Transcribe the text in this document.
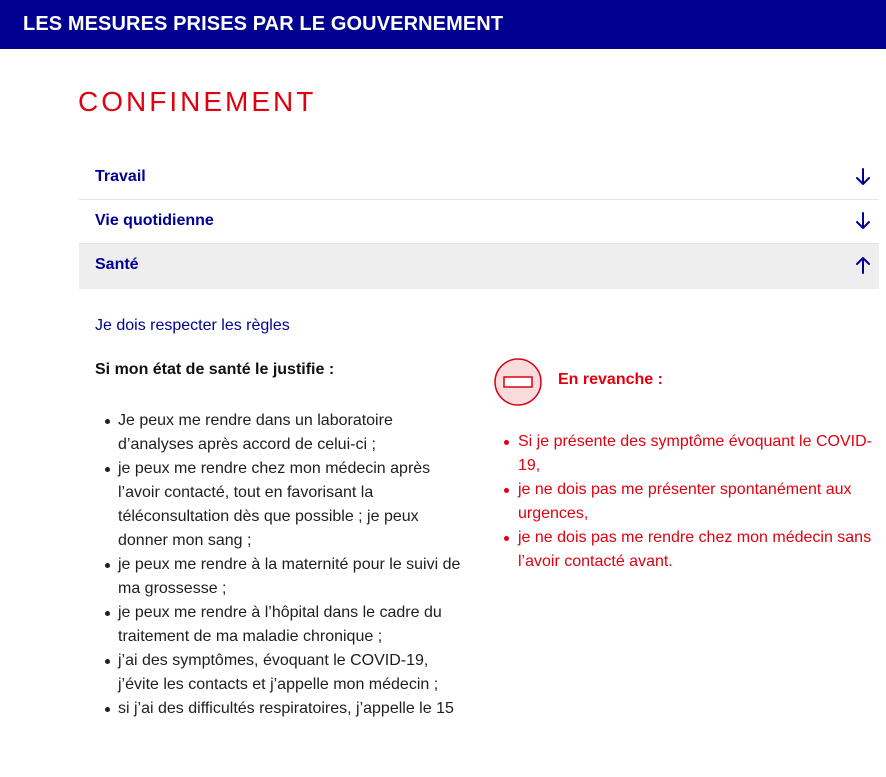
LES MESURES PRISES PAR LE GOUVERNEMENT
CONFINEMENT
Travail
Vie quotidienne
Santé
Je dois respecter les règles
Si mon état de santé le justifie :
Je peux me rendre dans un laboratoire d’analyses après accord de celui-ci ;
je peux me rendre chez mon médecin après l’avoir contacté, tout en favorisant la téléconsultation dès que possible ; je peux donner mon sang ;
je peux me rendre à la maternité pour le suivi de ma grossesse ;
je peux me rendre à l’hôpital dans le cadre du traitement de ma maladie chronique ;
j’ai des symptômes, évoquant le COVID-19, j’évite les contacts et j’appelle mon médecin ;
si j’ai des difficultés respiratoires, j’appelle le 15
En revanche :
Si je présente des symptôme évoquant le COVID-19,
je ne dois pas me présenter spontanément aux urgences,
je ne dois pas me rendre chez mon médecin sans l’avoir contacté avant.
